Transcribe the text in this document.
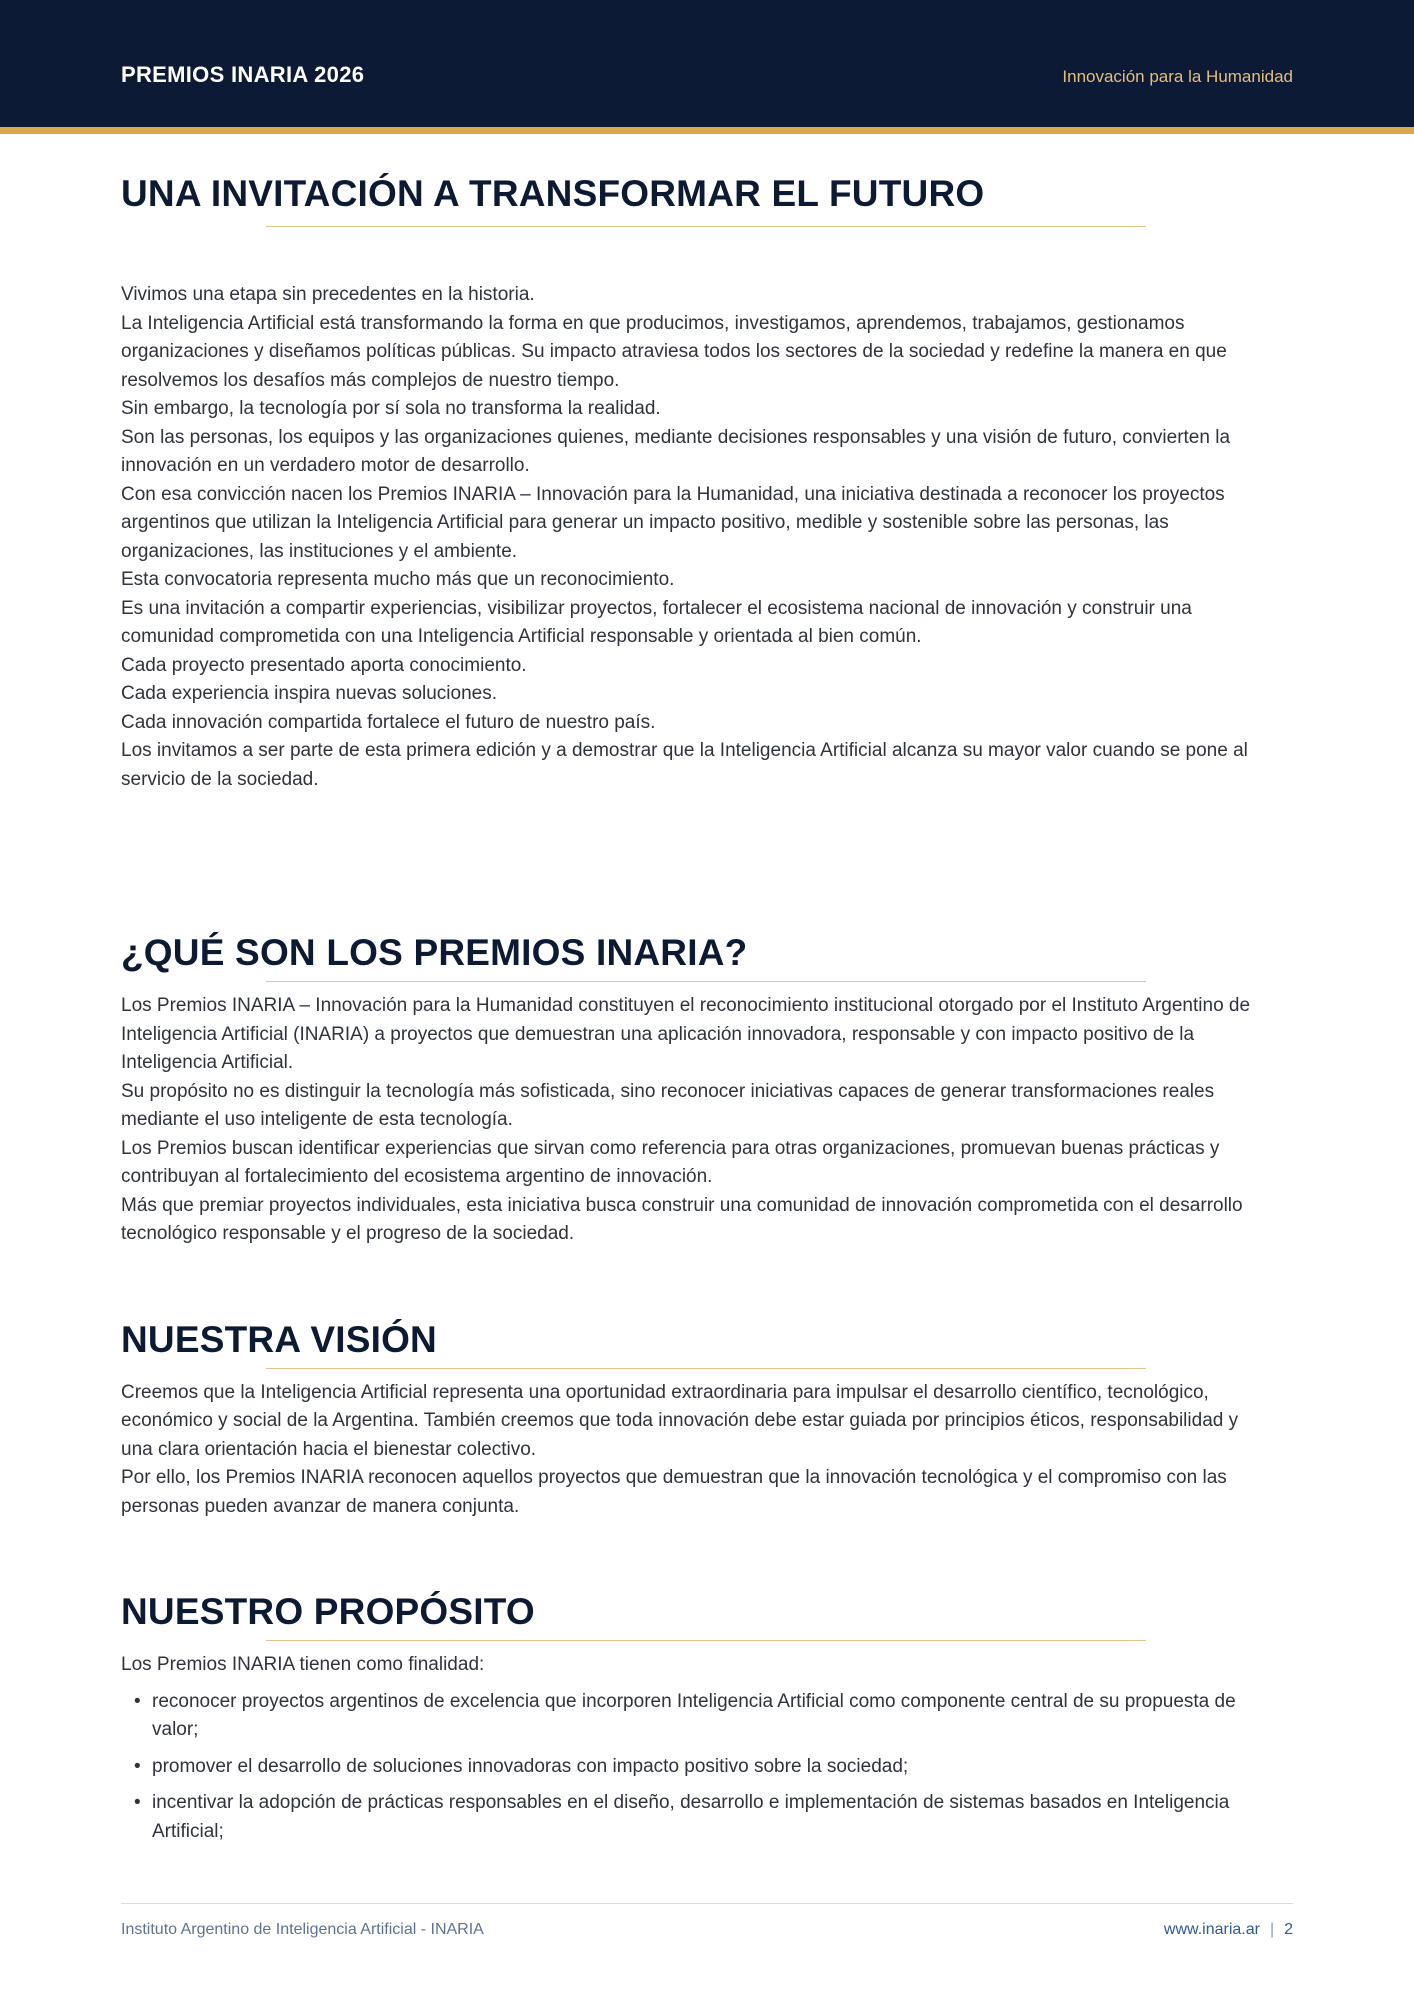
PREMIOS INARIA 2026	Innovación para la Humanidad
UNA INVITACIÓN A TRANSFORMAR EL FUTURO

Vivimos una etapa sin precedentes en la historia.

La Inteligencia Artificial está transformando la forma en que producimos, investigamos, aprendemos, trabajamos, gestionamos organizaciones y diseñamos políticas públicas. Su impacto atraviesa todos los sectores de la sociedad y redefine la manera en que resolvemos los desafíos más complejos de nuestro tiempo.

Sin embargo, la tecnología por sí sola no transforma la realidad.

Son las personas, los equipos y las organizaciones quienes, mediante decisiones responsables y una visión de futuro, convierten la innovación en un verdadero motor de desarrollo.

Con esa convicción nacen los Premios INARIA – Innovación para la Humanidad, una iniciativa destinada a reconocer los proyectos argentinos que utilizan la Inteligencia Artificial para generar un impacto positivo, medible y sostenible sobre las personas, las organizaciones, las instituciones y el ambiente.

Esta convocatoria representa mucho más que un reconocimiento.

Es una invitación a compartir experiencias, visibilizar proyectos, fortalecer el ecosistema nacional de innovación y construir una comunidad comprometida con una Inteligencia Artificial responsable y orientada al bien común.

Cada proyecto presentado aporta conocimiento.

Cada experiencia inspira nuevas soluciones.

Cada innovación compartida fortalece el futuro de nuestro país.

Los invitamos a ser parte de esta primera edición y a demostrar que la Inteligencia Artificial alcanza su mayor valor cuando se pone al servicio de la sociedad.

¿QUÉ SON LOS PREMIOS INARIA?

Los Premios INARIA – Innovación para la Humanidad constituyen el reconocimiento institucional otorgado por el Instituto Argentino de Inteligencia Artificial (INARIA) a proyectos que demuestran una aplicación innovadora, responsable y con impacto positivo de la Inteligencia Artificial.

Su propósito no es distinguir la tecnología más sofisticada, sino reconocer iniciativas capaces de generar transformaciones reales mediante el uso inteligente de esta tecnología.

Los Premios buscan identificar experiencias que sirvan como referencia para otras organizaciones, promuevan buenas prácticas y contribuyan al fortalecimiento del ecosistema argentino de innovación.

Más que premiar proyectos individuales, esta iniciativa busca construir una comunidad de innovación comprometida con el desarrollo tecnológico responsable y el progreso de la sociedad.

NUESTRA VISIÓN

Creemos que la Inteligencia Artificial representa una oportunidad extraordinaria para impulsar el desarrollo científico, tecnológico, económico y social de la Argentina. También creemos que toda innovación debe estar guiada por principios éticos, responsabilidad y una clara orientación hacia el bienestar colectivo.

Por ello, los Premios INARIA reconocen aquellos proyectos que demuestran que la innovación tecnológica y el compromiso con las personas pueden avanzar de manera conjunta.

NUESTRO PROPÓSITO

Los Premios INARIA tienen como finalidad:

• reconocer proyectos argentinos de excelencia que incorporen Inteligencia Artificial como componente central de su propuesta de valor;
• promover el desarrollo de soluciones innovadoras con impacto positivo sobre la sociedad;
• incentivar la adopción de prácticas responsables en el diseño, desarrollo e implementación de sistemas basados en Inteligencia Artificial;
Instituto Argentino de Inteligencia Artificial - INARIA	www.inaria.ar | 2
